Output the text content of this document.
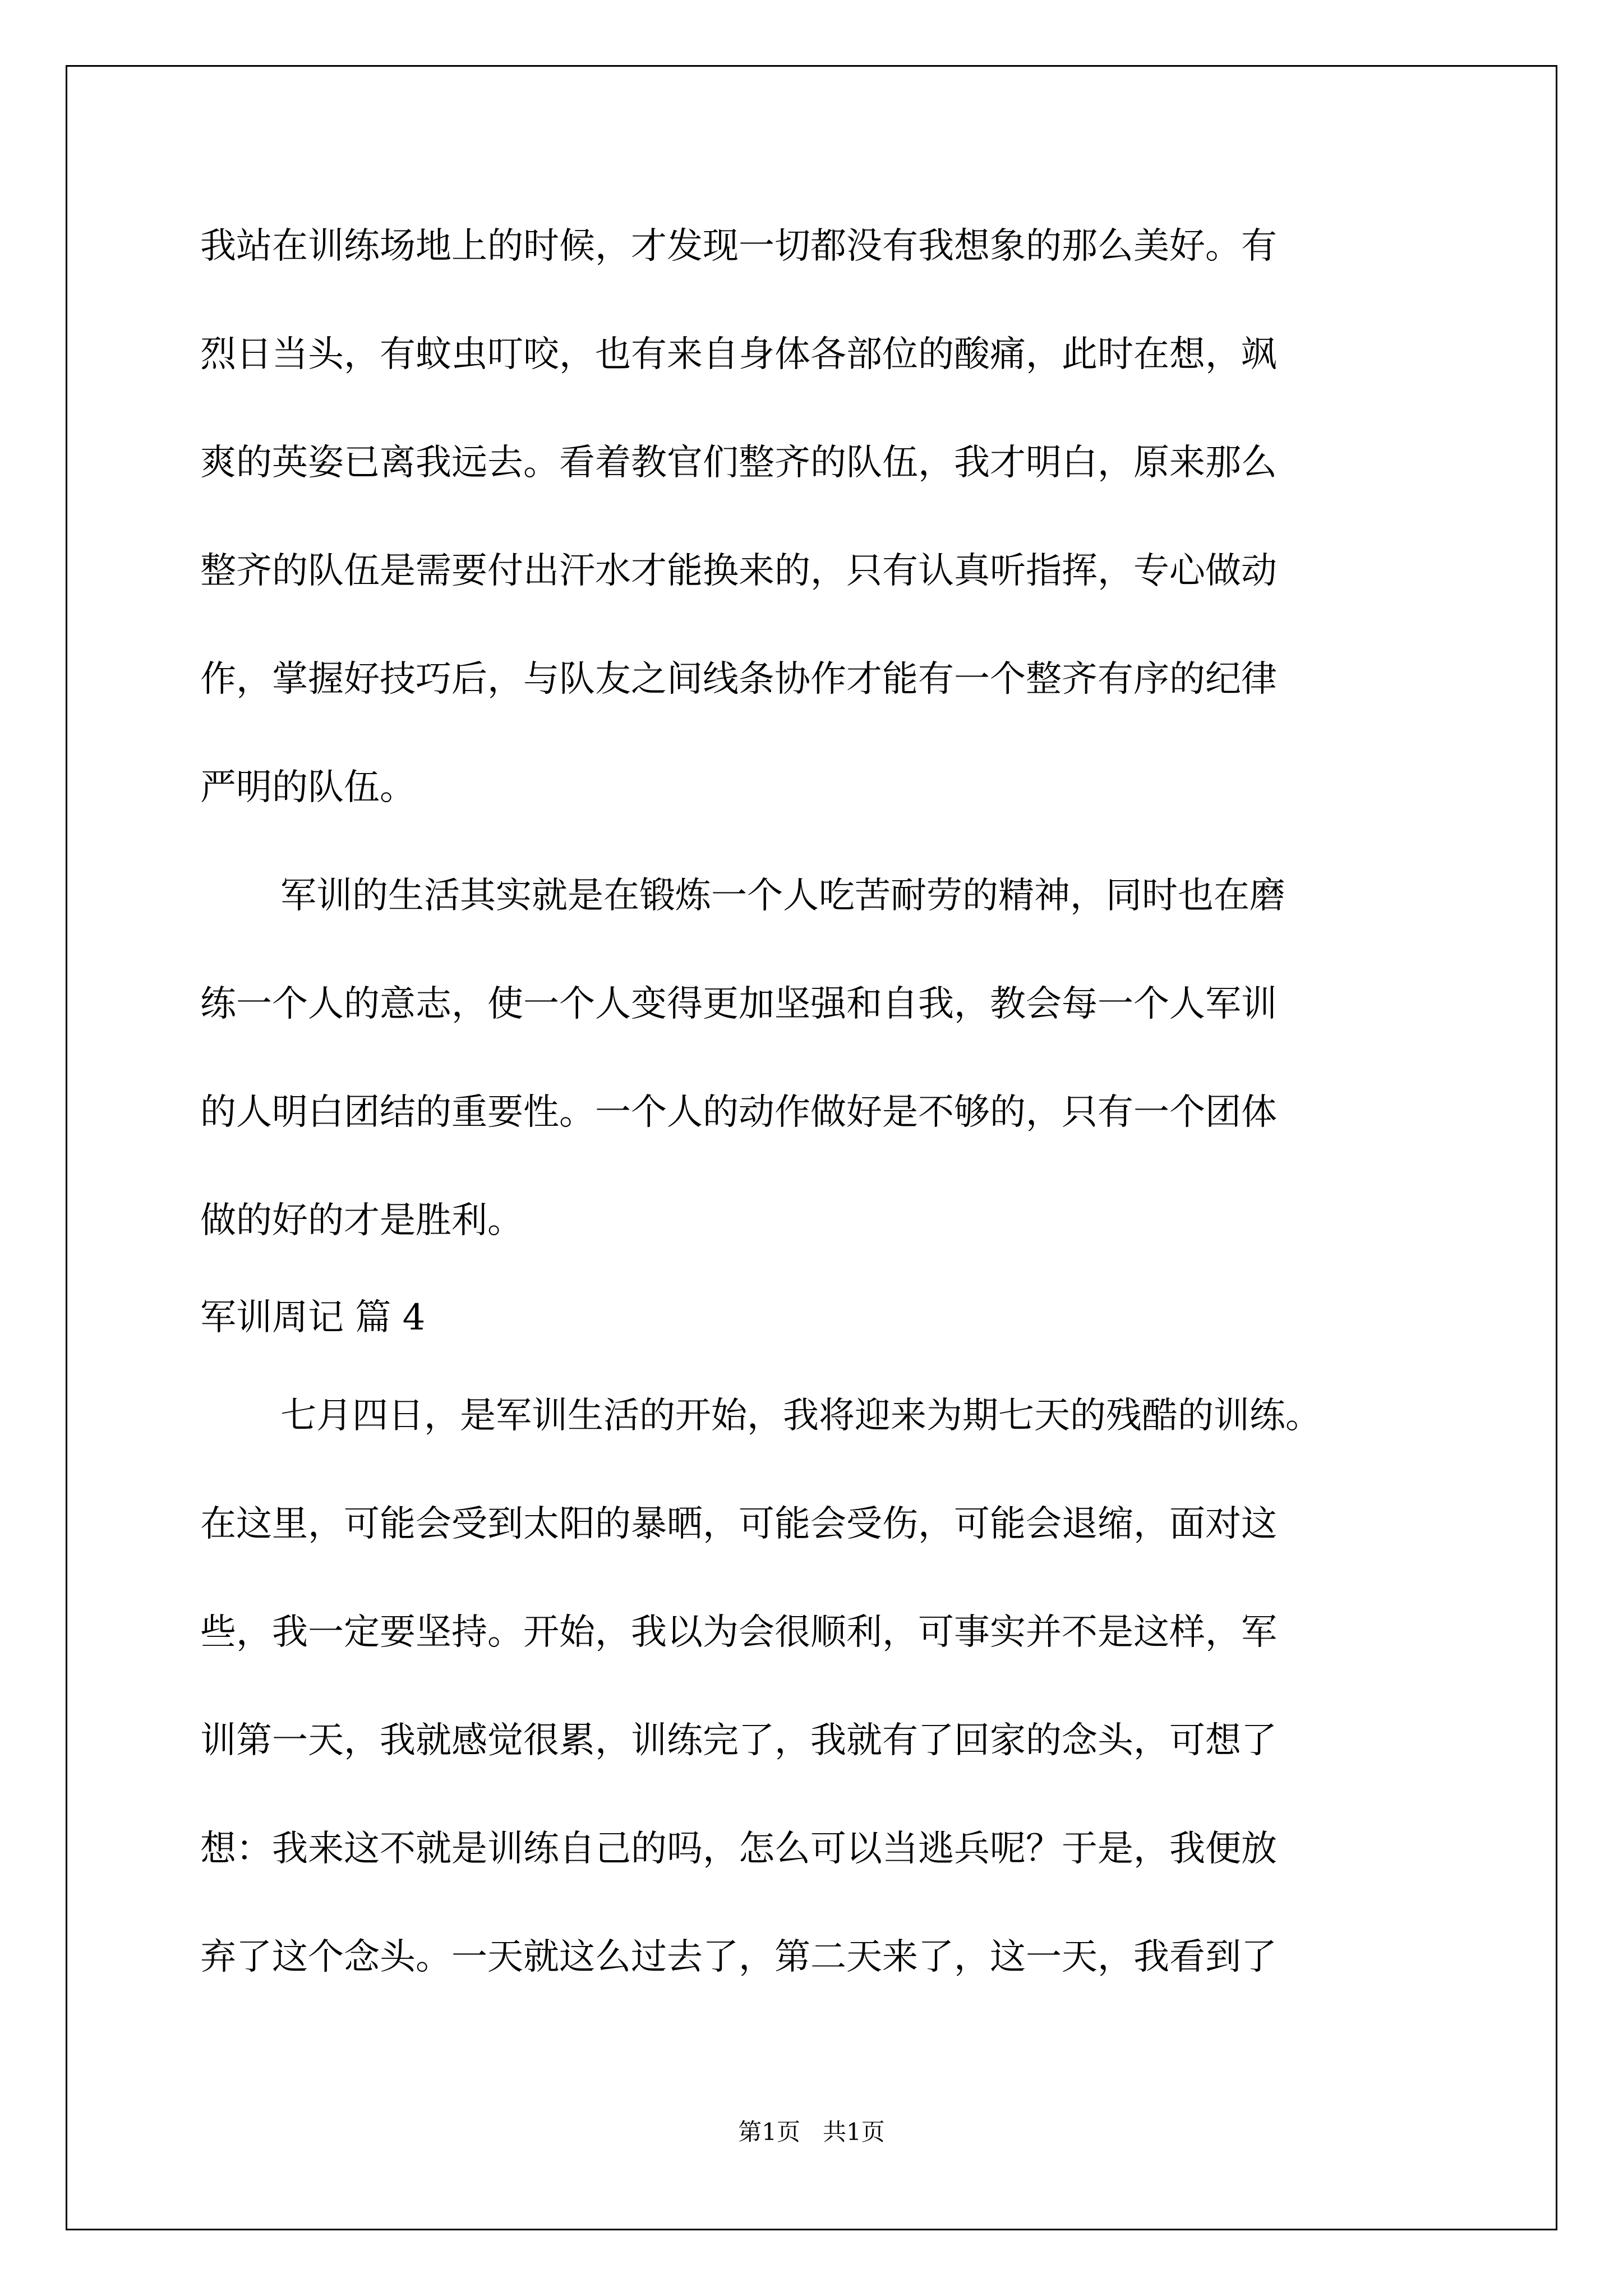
我站在训练场地上的时候，才发现一切都没有我想象的那么美好。有

烈日当头，有蚊虫叮咬，也有来自身体各部位的酸痛，此时在想，飒

爽的英姿已离我远去。看着教官们整齐的队伍，我才明白，原来那么

整齐的队伍是需要付出汗水才能换来的，只有认真听指挥，专心做动

作，掌握好技巧后，与队友之间线条协作才能有一个整齐有序的纪律

严明的队伍。

军训的生活其实就是在锻炼一个人吃苦耐劳的精神，同时也在磨

练一个人的意志，使一个人变得更加坚强和自我，教会每一个人军训

的人明白团结的重要性。一个人的动作做好是不够的，只有一个团体

做的好的才是胜利。

军训周记 篇 4

七月四日，是军训生活的开始，我将迎来为期七天的残酷的训练。

在这里，可能会受到太阳的暴晒，可能会受伤，可能会退缩，面对这

些，我一定要坚持。开始，我以为会很顺利，可事实并不是这样，军

训第一天，我就感觉很累，训练完了，我就有了回家的念头，可想了

想：我来这不就是训练自己的吗，怎么可以当逃兵呢？于是，我便放

弃了这个念头。一天就这么过去了，第二天来了，这一天，我看到了

第1页   共1页
